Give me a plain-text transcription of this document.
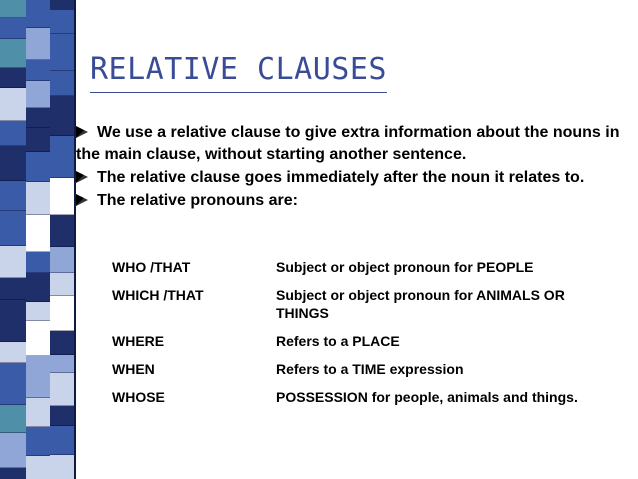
RELATIVE CLAUSES

We use a relative clause to give extra information about the nouns in the main clause, without starting another sentence.

The relative clause goes immediately after the noun it relates to.

The relative pronouns are:

WHO /THAT	Subject or object pronoun for PEOPLE
WHICH /THAT	Subject or object pronoun for ANIMALS OR THINGS
WHERE	Refers to a PLACE
WHEN	Refers to a TIME expression
WHOSE	POSSESSION for people, animals and things.
